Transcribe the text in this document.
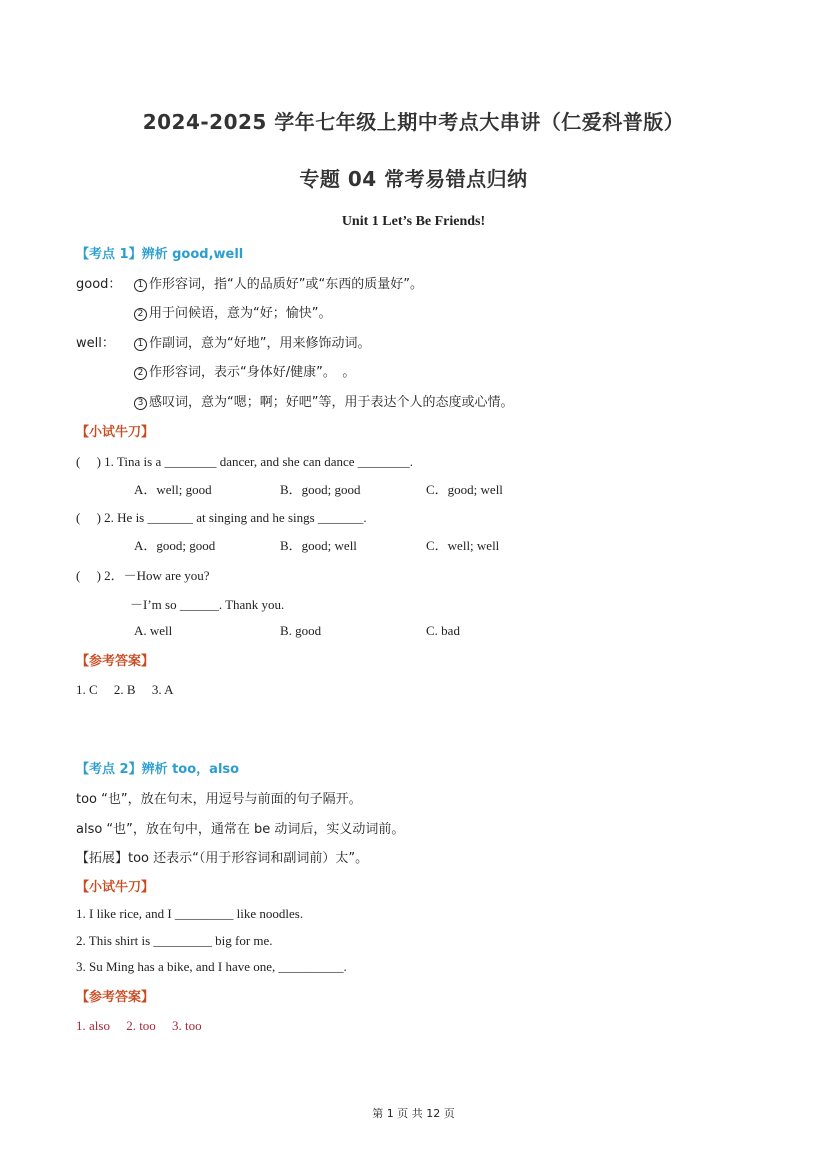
2024-2025 学年七年级上期中考点大串讲（仁爱科普版）
专题 04 常考易错点归纳
Unit 1 Let’s Be Friends!
【考点 1】辨析 good,well
good：	1 作形容词，指“人的品质好”或“东西的质量好”。
2 用于问候语，意为“好；愉快”。
well：	1 作副词，意为“好地”，用来修饰动词。
2 作形容词，表示“身体好/健康”。　。
3 感叹词，意为“嗯；啊；好吧”等，用于表达个人的态度或心情。
【小试牛刀】
(　 ) 1. Tina is a ________ dancer, and she can dance ________.
A．well; good	B．good; good	C．good; well
(　 ) 2. He is _______ at singing and he sings _______.
A．good; good	B．good; well	C．well; well
(　 ) 2．－How are you?
－I’m so ______. Thank you.
A. well	B. good	C. bad
【参考答案】
1. C　 2. B　 3. A
【考点 2】辨析 too，also
too “也”，放在句末，用逗号与前面的句子隔开。
also “也”，放在句中，通常在 be 动词后，实义动词前。
【拓展】too 还表示“（用于形容词和副词前）太”。
【小试牛刀】
1. I like rice, and I _________ like noodles.
2. This shirt is _________ big for me.
3. Su Ming has a bike, and I have one, __________.
【参考答案】
1. also　 2. too　 3. too
第 1 页 共 12 页
